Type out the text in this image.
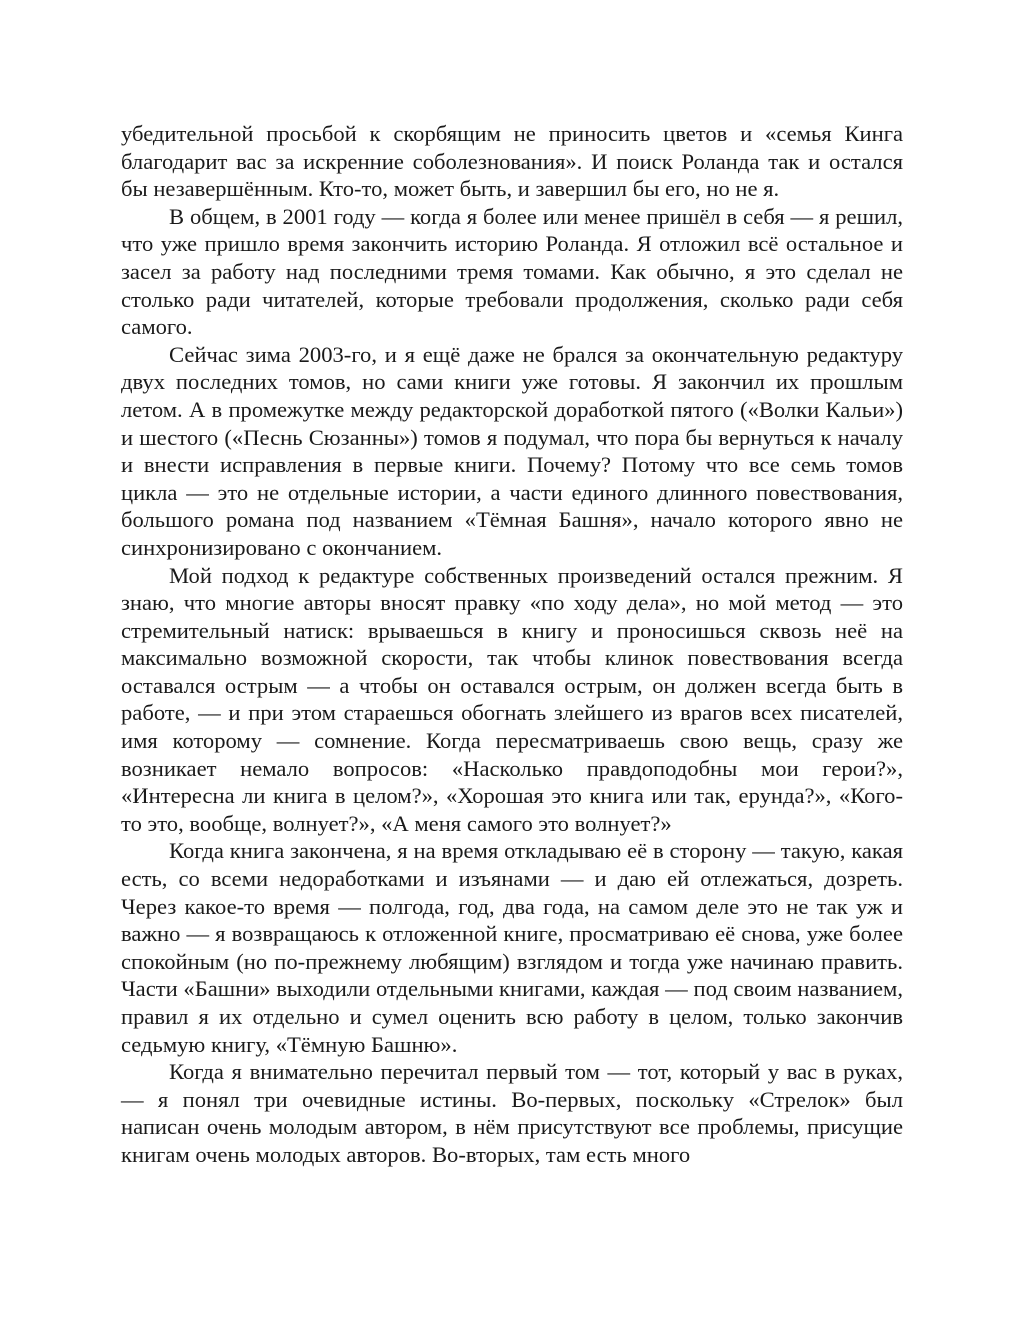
убедительной просьбой к скорбящим не приносить цветов и «семья Кинга благодарит вас за искренние соболезнования». И поиск Роланда так и остался бы незавершённым. Кто-то, может быть, и завершил бы его, но не я.

В общем, в 2001 году — когда я более или менее пришёл в себя — я решил, что уже пришло время закончить историю Роланда. Я отложил всё остальное и засел за работу над последними тремя томами. Как обычно, я это сделал не столько ради читателей, которые требовали продолжения, сколько ради себя самого.

Сейчас зима 2003-го, и я ещё даже не брался за окончательную редактуру двух последних томов, но сами книги уже готовы. Я закончил их прошлым летом. А в промежутке между редакторской доработкой пятого («Волки Кальи») и шестого («Песнь Сюзанны») томов я подумал, что пора бы вернуться к началу и внести исправления в первые книги. Почему? Потому что все семь томов цикла — это не отдельные истории, а части единого длинного повествования, большого романа под названием «Тёмная Башня», начало которого явно не синхронизировано с окончанием.

Мой подход к редактуре собственных произведений остался прежним. Я знаю, что многие авторы вносят правку «по ходу дела», но мой метод — это стремительный натиск: врываешься в книгу и проносишься сквозь неё на максимально возможной скорости, так чтобы клинок повествования всегда оставался острым — а чтобы он оставался острым, он должен всегда быть в работе, — и при этом стараешься обогнать злейшего из врагов всех писателей, имя которому — сомнение. Когда пересматриваешь свою вещь, сразу же возникает немало вопросов: «Насколько правдоподобны мои герои?», «Интересна ли книга в целом?», «Хорошая это книга или так, ерунда?», «Кого-то это, вообще, волнует?», «А меня самого это волнует?»

Когда книга закончена, я на время откладываю её в сторону — такую, какая есть, со всеми недоработками и изъянами — и даю ей отлежаться, дозреть. Через какое-то время — полгода, год, два года, на самом деле это не так уж и важно — я возвращаюсь к отложенной книге, просматриваю её снова, уже более спокойным (но по-прежнему любящим) взглядом и тогда уже начинаю править. Части «Башни» выходили отдельными книгами, каждая — под своим названием, правил я их отдельно и сумел оценить всю работу в целом, только закончив седьмую книгу, «Тёмную Башню».

Когда я внимательно перечитал первый том — тот, который у вас в руках, — я понял три очевидные истины. Во-первых, поскольку «Стрелок» был написан очень молодым автором, в нём присутствуют все проблемы, присущие книгам очень молодых авторов. Во-вторых, там есть много
